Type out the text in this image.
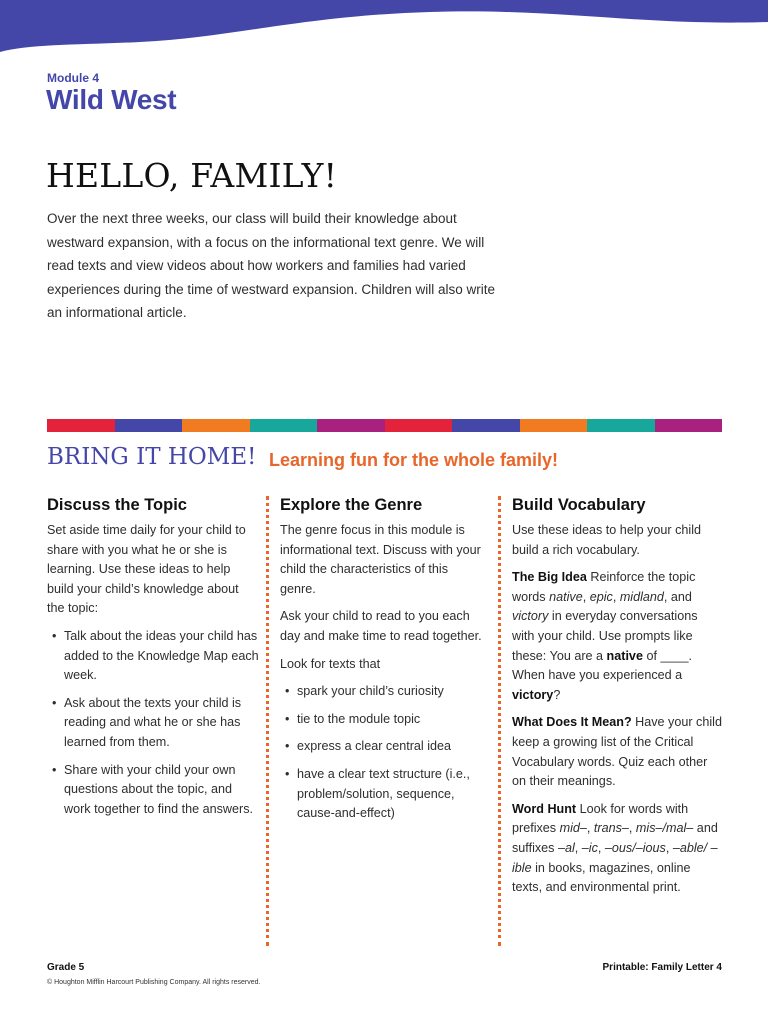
Module 4
Wild West
HELLO, FAMILY!

Over the next three weeks, our class will build their knowledge about westward expansion, with a focus on the informational text genre. We will read texts and view videos about how workers and families had varied experiences during the time of westward expansion. Children will also write an informational article.

BRING IT HOME! Learning fun for the whole family!
Discuss the Topic

Set aside time daily for your child to share with you what he or she is learning. Use these ideas to help build your child’s knowledge about the topic:

• Talk about the ideas your child has added to the Knowledge Map each week.
• Ask about the texts your child is reading and what he or she has learned from them.
• Share with your child your own questions about the topic, and work together to find the answers.
Explore the Genre

The genre focus in this module is informational text. Discuss with your child the characteristics of this genre.

Ask your child to read to you each day and make time to read together.

Look for texts that

• spark your child’s curiosity
• tie to the module topic
• express a clear central idea
• have a clear text structure (i.e., problem/solution, sequence, cause-and-effect)
Build Vocabulary

Use these ideas to help your child build a rich vocabulary.

The Big Idea Reinforce the topic words native, epic, midland, and victory in everyday conversations with your child. Use prompts like these: You are a native of ____. When have you experienced a victory?

What Does It Mean? Have your child keep a growing list of the Critical Vocabulary words. Quiz each other on their meanings.

Word Hunt Look for words with prefixes mid–, trans–, mis–/mal– and suffixes –al, –ic, –ous/–ious, –able/ –ible in books, magazines, online texts, and environmental print.

Grade 5
© Houghton Mifflin Harcourt Publishing Company. All rights reserved.
Printable: Family Letter 4
